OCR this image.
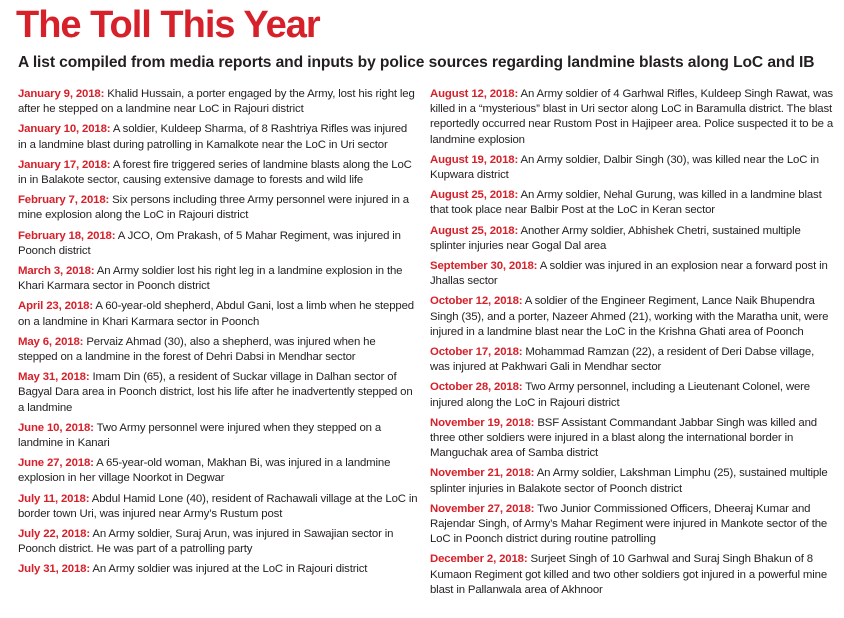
The Toll This Year
A list compiled from media reports and inputs by police sources regarding landmine blasts along LoC and IB
January 9, 2018: Khalid Hussain, a porter engaged by the Army, lost his right leg after he stepped on a landmine near LoC in Rajouri district
January 10, 2018: A soldier, Kuldeep Sharma, of 8 Rashtriya Rifles was injured in a landmine blast during patrolling in Kamalkote near the LoC in Uri sector
January 17, 2018: A forest fire triggered series of landmine blasts along the LoC in in Balakote sector, causing extensive damage to forests and wild life
February 7, 2018: Six persons including three Army personnel were injured in a mine explosion along the LoC in Rajouri district
February 18, 2018: A JCO, Om Prakash, of 5 Mahar Regiment, was injured in Poonch district
March 3, 2018: An Army soldier lost his right leg in a landmine explosion in the Khari Karmara sector in Poonch district
April 23, 2018: A 60-year-old shepherd, Abdul Gani, lost a limb when he stepped on a landmine in Khari Karmara sector in Poonch
May 6, 2018: Pervaiz Ahmad (30), also a shepherd, was injured when he stepped on a landmine in the forest of Dehri Dabsi in Mendhar sector
May 31, 2018: Imam Din (65), a resident of Suckar village in Dalhan sector of Bagyal Dara area in Poonch district, lost his life after he inadvertently stepped on a landmine
June 10, 2018: Two Army personnel were injured when they stepped on a landmine in Kanari
June 27, 2018: A 65-year-old woman, Makhan Bi, was injured in a landmine explosion in her village Noorkot in Degwar
July 11, 2018: Abdul Hamid Lone (40), resident of Rachawali village at the LoC in border town Uri, was injured near Army’s Rustum post
July 22, 2018: An Army soldier, Suraj Arun, was injured in Sawajian sector in Poonch district. He was part of a patrolling party
July 31, 2018: An Army soldier was injured at the LoC in Rajouri district
August 12, 2018: An Army soldier of 4 Garhwal Rifles, Kuldeep Singh Rawat, was killed in a “mysterious” blast in Uri sector along LoC in Baramulla district. The blast reportedly occurred near Rustom Post in Hajipeer area. Police suspected it to be a landmine explosion
August 19, 2018: An Army soldier, Dalbir Singh (30), was killed near the LoC in Kupwara district
August 25, 2018: An Army soldier, Nehal Gurung, was killed in a landmine blast that took place near Balbir Post at the LoC in Keran sector
August 25, 2018: Another Army soldier, Abhishek Chetri, sustained multiple splinter injuries near Gogal Dal area
September 30, 2018: A soldier was injured in an explosion near a forward post in Jhallas sector
October 12, 2018: A soldier of the Engineer Regiment, Lance Naik Bhupendra Singh (35), and a porter, Nazeer Ahmed (21), working with the Maratha unit, were injured in a landmine blast near the LoC in the Krishna Ghati area of Poonch
October 17, 2018: Mohammad Ramzan (22), a resident of Deri Dabse village, was injured at Pakhwari Gali in Mendhar sector
October 28, 2018: Two Army personnel, including a Lieutenant Colonel, were injured along the LoC in Rajouri district
November 19, 2018: BSF Assistant Commandant Jabbar Singh was killed and three other soldiers were injured in a blast along the international border in Manguchak area of Samba district
November 21, 2018: An Army soldier, Lakshman Limphu (25), sustained multiple splinter injuries in Balakote sector of Poonch district
November 27, 2018: Two Junior Commissioned Officers, Dheeraj Kumar and Rajendar Singh, of Army’s Mahar Regiment were injured in Mankote sector of the LoC in Poonch district during routine patrolling
December 2, 2018: Surjeet Singh of 10 Garhwal and Suraj Singh Bhakun of 8 Kumaon Regiment got killed and two other soldiers got injured in a powerful mine blast in Pallanwala area of Akhnoor
